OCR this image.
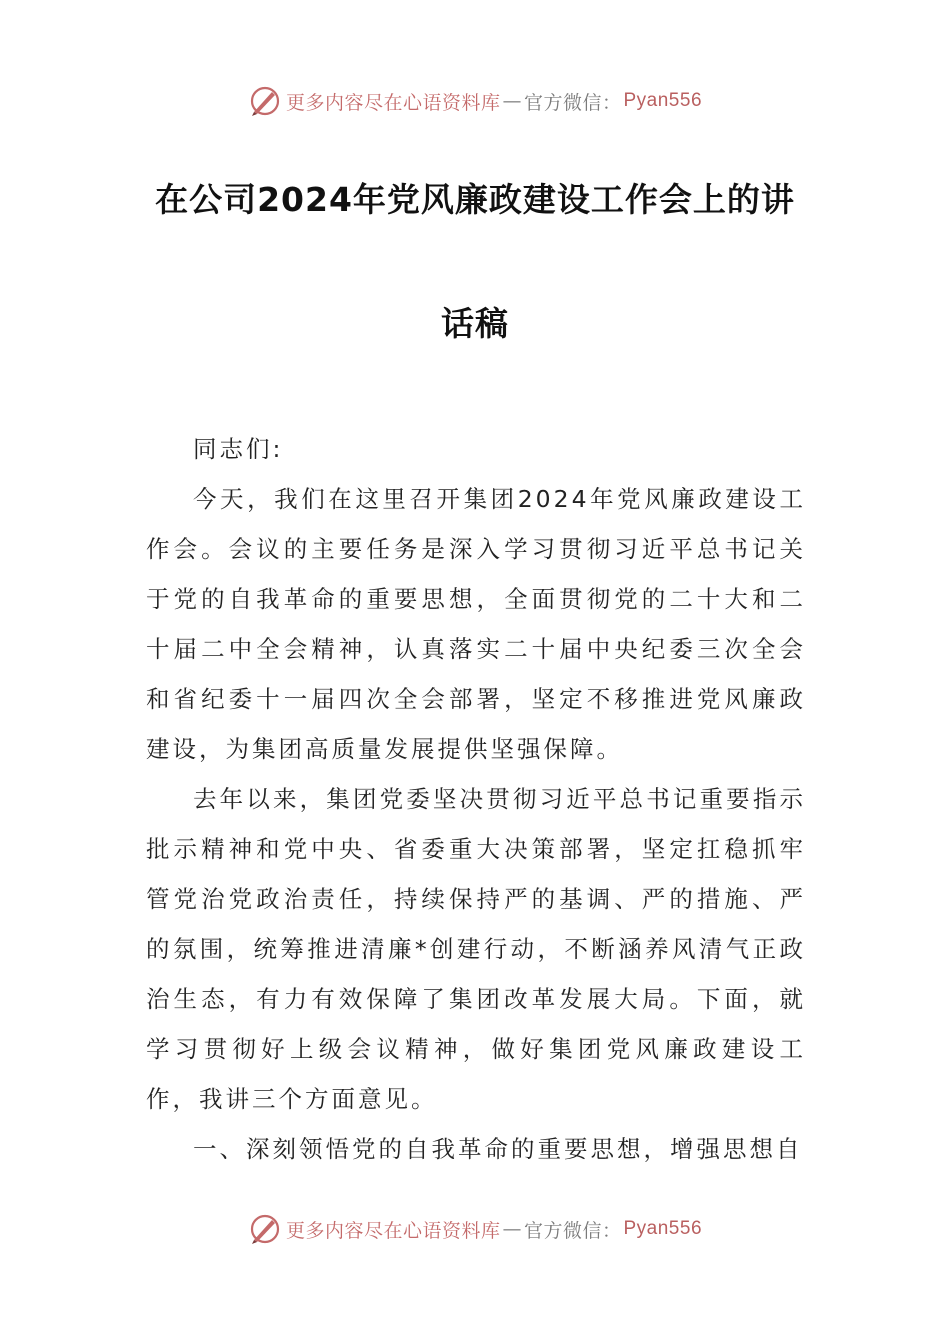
更多内容尽在心语资料库 — 官方微信： Pyan556
在公司2024年党风廉政建设工作会上的讲
话稿

同志们:

今天，我们在这里召开集团2024年党风廉政建设工作会。会议的主要任务是深入学习贯彻习近平总书记关于党的自我革命的重要思想，全面贯彻党的二十大和二十届二中全会精神，认真落实二十届中央纪委三次全会和省纪委十一届四次全会部署，坚定不移推进党风廉政建设，为集团高质量发展提供坚强保障。

去年以来，集团党委坚决贯彻习近平总书记重要指示批示精神和党中央、省委重大决策部署，坚定扛稳抓牢管党治党政治责任，持续保持严的基调、严的措施、严的氛围，统筹推进清廉*创建行动，不断涵养风清气正政治生态，有力有效保障了集团改革发展大局。下面，就学习贯彻好上级会议精神，做好集团党风廉政建设工作，我讲三个方面意见。

一、深刻领悟党的自我革命的重要思想，增强思想自

更多内容尽在心语资料库 — 官方微信： Pyan556
